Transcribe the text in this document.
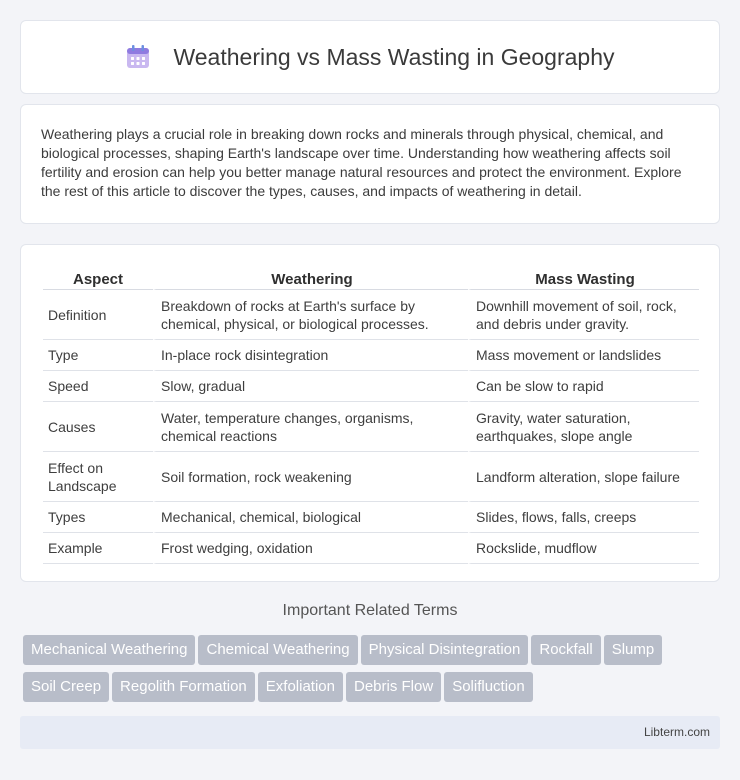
Weathering vs Mass Wasting in Geography

Weathering plays a crucial role in breaking down rocks and minerals through physical, chemical, and biological processes, shaping Earth's landscape over time. Understanding how weathering affects soil fertility and erosion can help you better manage natural resources and protect the environment. Explore the rest of this article to discover the types, causes, and impacts of weathering in detail.

Aspect	Weathering	Mass Wasting
Definition	Breakdown of rocks at Earth's surface by chemical, physical, or biological processes.	Downhill movement of soil, rock, and debris under gravity.
Type	In-place rock disintegration	Mass movement or landslides
Speed	Slow, gradual	Can be slow to rapid
Causes	Water, temperature changes, organisms, chemical reactions	Gravity, water saturation, earthquakes, slope angle
Effect on Landscape	Soil formation, rock weakening	Landform alteration, slope failure
Types	Mechanical, chemical, biological	Slides, flows, falls, creeps
Example	Frost wedging, oxidation	Rockslide, mudflow
Important Related Terms
Mechanical Weathering Chemical Weathering Physical Disintegration Rockfall Slump
Soil Creep Regolith Formation Exfoliation Debris Flow Solifluction
Libterm.com
